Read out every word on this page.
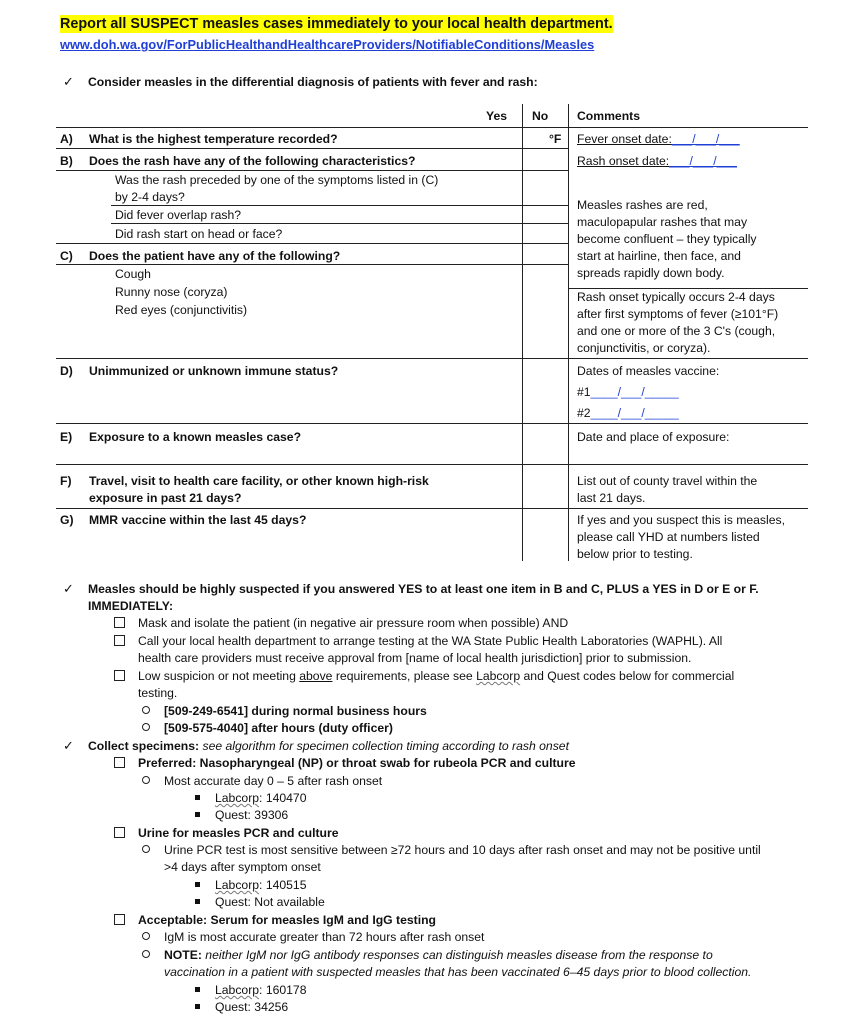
Report all SUSPECT measles cases immediately to your local health department.
www.doh.wa.gov/ForPublicHealthandHealthcareProviders/NotifiableConditions/Measles
✓ Consider measles in the differential diagnosis of patients with fever and rash:
Yes No Comments
A) What is the highest temperature recorded?	°F
B) Does the rash have any of the following characteristics?
Was the rash preceded by one of the symptoms listed in (C)
by 2-4 days?
Did fever overlap rash?
Did rash start on head or face?
C) Does the patient have any of the following?
Cough
Runny nose (coryza)
Red eyes (conjunctivitis)
D) Unimmunized or unknown immune status?
E) Exposure to a known measles case?
F) Travel, visit to health care facility, or other known high-risk
exposure in past 21 days?
G) MMR vaccine within the last 45 days?
Fever onset date:___/___/___
Rash onset date:___/___/___
Measles rashes are red,
maculopapular rashes that may
become confluent – they typically
start at hairline, then face, and
spreads rapidly down body.
Rash onset typically occurs 2-4 days
after first symptoms of fever (≥101°F)
and one or more of the 3 C's (cough,
conjunctivitis, or coryza).
Dates of measles vaccine:
#1____/___/_____
#2____/___/_____
Date and place of exposure:
List out of county travel within the
last 21 days.
If yes and you suspect this is measles,
please call YHD at numbers listed
below prior to testing.
✓ Measles should be highly suspected if you answered YES to at least one item in B and C, PLUS a YES in D or E or F.
IMMEDIATELY:
Mask and isolate the patient (in negative air pressure room when possible) AND
Call your local health department to arrange testing at the WA State Public Health Laboratories (WAPHL). All
health care providers must receive approval from [name of local health jurisdiction] prior to submission.
Low suspicion or not meeting above requirements, please see Labcorp and Quest codes below for commercial
testing.
[509-249-6541] during normal business hours
[509-575-4040] after hours (duty officer)
✓ Collect specimens: see algorithm for specimen collection timing according to rash onset
Preferred: Nasopharyngeal (NP) or throat swab for rubeola PCR and culture
Most accurate day 0 – 5 after rash onset
Labcorp: 140470
Quest: 39306
Urine for measles PCR and culture
Urine PCR test is most sensitive between ≥72 hours and 10 days after rash onset and may not be positive until
>4 days after symptom onset
Labcorp: 140515
Quest: Not available
Acceptable: Serum for measles IgM and IgG testing
IgM is most accurate greater than 72 hours after rash onset
NOTE: neither IgM nor IgG antibody responses can distinguish measles disease from the response to
vaccination in a patient with suspected measles that has been vaccinated 6–45 days prior to blood collection.
Labcorp: 160178
Quest: 34256
